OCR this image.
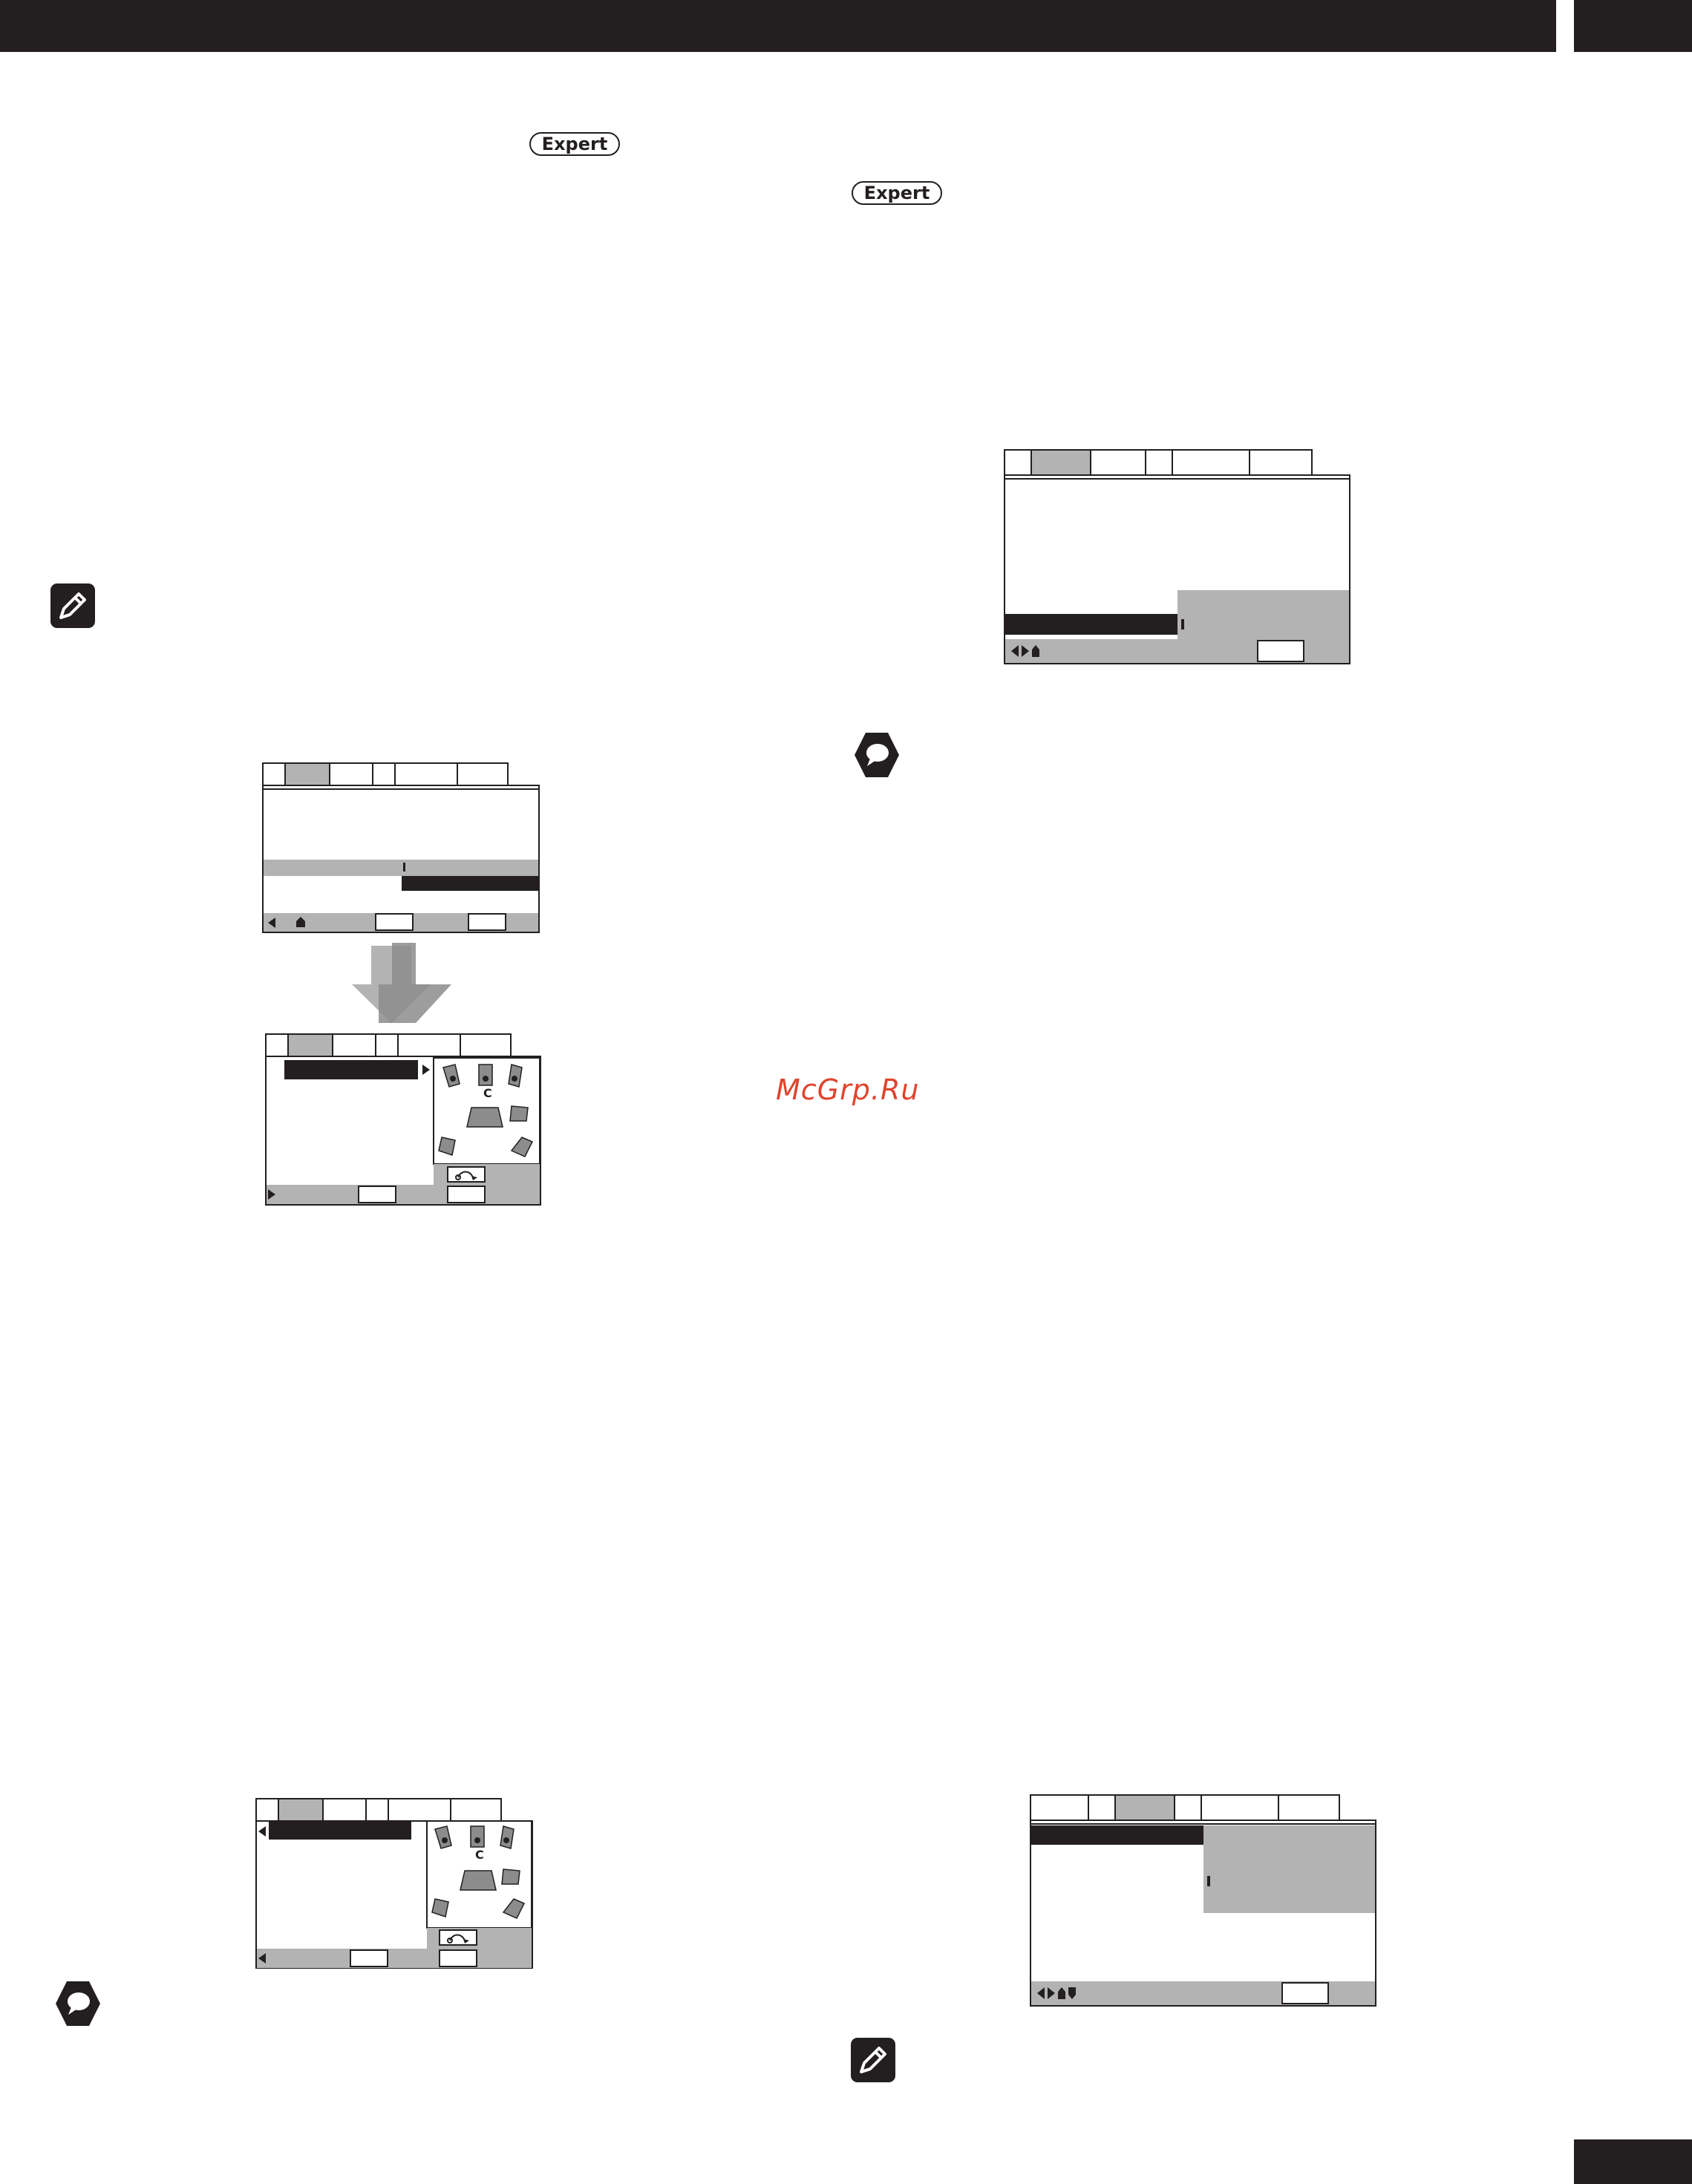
Expert
Expert
McGrp.Ru
C
C
